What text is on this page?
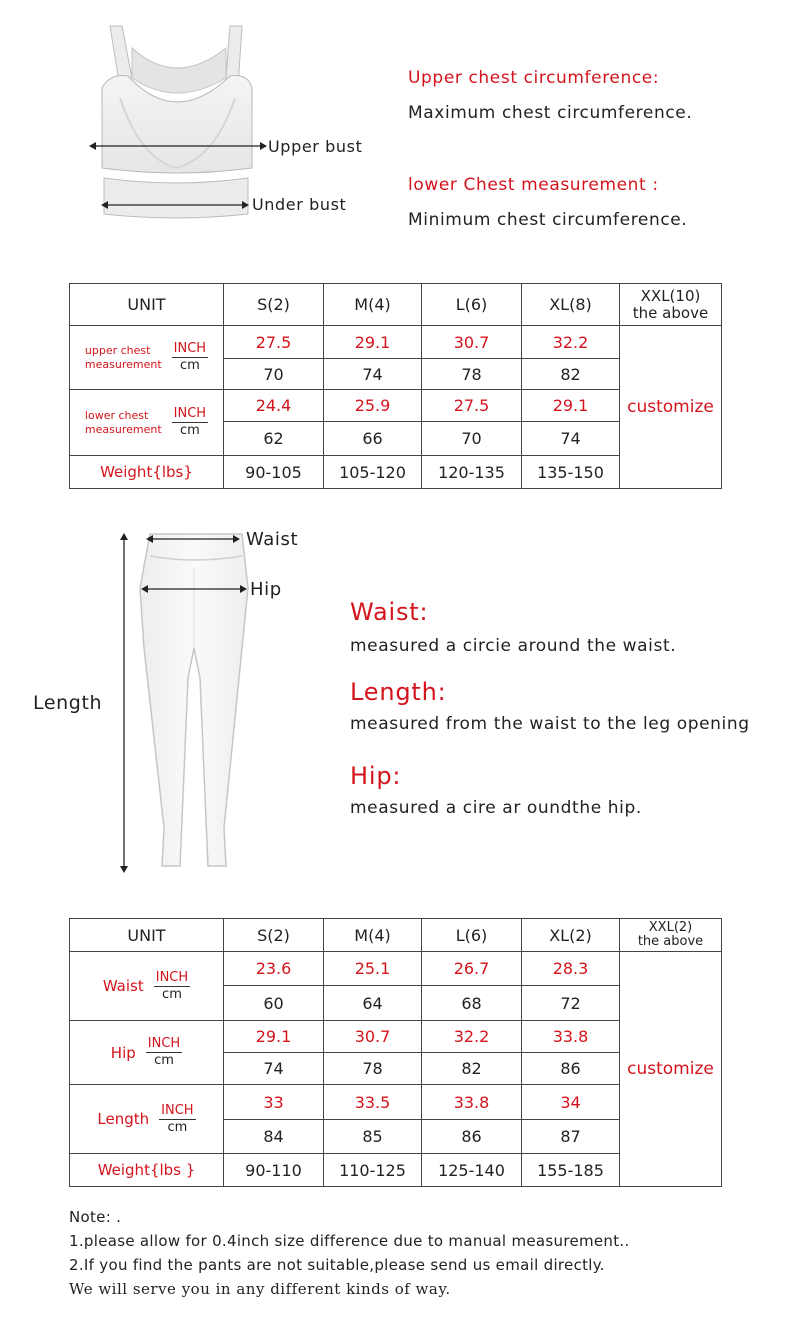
Upper bust
Under bust
Upper chest circumference:
Maximum chest circumference.
lower Chest measurement :
Minimum chest circumference.
UNIT	S(2)	M(4)	L(6)	XL(8)	XXL(10)
the above

upper chest
measurement $\frac{\text{INCH}}{cm}$	27.5	29.1	30.7	32.2	customize
	70	74	78	82	

lower chest
measurement $\frac{\text{INCH}}{cm}$	24.4	25.9	27.5	29.1	
	62	66	70	74	
Weight{lbs}	90-105	105-120	120-135	135-150	
Waist
Hip
Length
Waist:
measured a circie around the waist.
Length:
measured from the waist to the leg opening
Hip:
measured a cire ar oundthe hip.
UNIT	S(2)	M(4)	L(6)	XL(2)	XXL(2)
the above

Waist $\frac{\text{INCH}}{cm}$	23.6	25.1	26.7	28.3	customize
	60	64	68	72	

Hip $\frac{\text{INCH}}{cm}$	29.1	30.7	32.2	33.8	
	74	78	82	86	

Length $\frac{\text{INCH}}{cm}$	33	33.5	33.8	34	
	84	85	86	87	
Weight{lbs }	90-110	110-125	125-140	155-185	
Note: .
1.please allow for 0.4inch size difference due to manual measurement..
2.If you find the pants are not suitable,please send us email directly.
We will serve you in any different kinds of way.
